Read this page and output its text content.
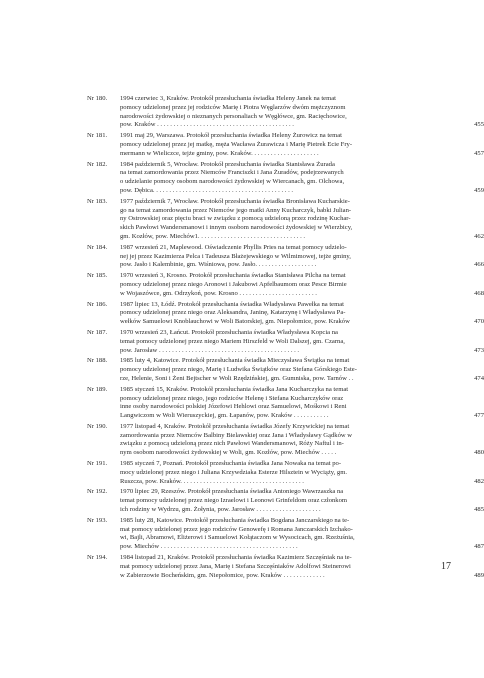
Nr 180.	1994 czerwiec 3, Kraków. Protokół przesłuchania świadka Heleny Janek na temat
pomocy udzielonej przez jej rodziców Marię i Piotra Węglarzów dwóm mężczyznom
narodowości żydowskiej o nieznanych personaliach w Węgłówce, gm. Racięchowice,
pow. Kraków . . . . . . . . . . . . . . . . . . . . . . . . . . . . . . . . . . . . . . . . . .	455
Nr 181.	1991 maj 29, Warszawa. Protokół przesłuchania świadka Heleny Żurowicz na temat
pomocy udzielonej przez jej matkę, męża Wacława Żurawicza i Marię Pietrek Ecie Fry-
mermann w Wieliczce, tejże gminy, pow. Kraków. . . . . . . . . . . . . . . . . . . . .	457
Nr 182.	1984 październik 5, Wrocław. Protokół przesłuchania świadka Stanisława Żurada
na temat zamordowania przez Niemców Franciszki i Jana Żuradów, podejrzewanych
o udzielanie pomocy osobom narodowości żydowskiej w Wiercanach, gm. Olchowa,
pow. Dębica. . . . . . . . . . . . . . . . . . . . . . . . . . . . . . . . . . . . . . . . . . .	459
Nr 183.	1977 październik 7, Wrocław. Protokół przesłuchania świadka Bronisława Kucharskie-
go na temat zamordowania przez Niemców jego matki Anny Kucharczyk, babki Julian-
ny Ostrowskiej oraz pięciu braci w związku z pomocą udzieloną przez rodzinę Kuchar-
skich Pawłowi Wandersmanowi i innym osobom narodowości żydowskiej w Wierzbicy,
gm. Kozłów, pow. Miechów1. . . . . . . . . . . . . . . . . . . . . . . . . . . . . . . . .	462
Nr 184.	1987 wrzesień 21, Maplewood. Oświadczenie Phyllis Pries na temat pomocy udzielo-
nej jej przez Kazimierza Pelca i Tadeusza Błażejewskiego w Wilmimowej, tejże gminy,
pow. Jasło i Kalembinie, gm. Wiśniowa, pow. Jasło. . . . . . . . . . . . . . . . . . .	466
Nr 185.	1970 wrzesień 3, Krosno. Protokół przesłuchania świadka Stanisława Pilcha na temat
pomocy udzielonej przez niego Aronowi i Jakubowi Apfelbaumom oraz Pesce Birmie
w Wojaszówce, gm. Odrzykoń, pow. Krosno . . . . . . . . . . . . . . . . . . . . . . . .	468
Nr 186.	1987 lipiec 13, Łódź. Protokół przesłuchania świadka Władysława Pawełka na temat
pomocy udzielonej przez niego oraz Aleksandra, Janinę, Katarzynę i Władysława Pa-
wełków Samuelowi Knoblauchowi w Woli Batorskiej, gm. Niepołomice, pow. Kraków	470
Nr 187.	1970 wrzesień 23, Łańcut. Protokół przesłuchania świadka Władysława Kopcia na
temat pomocy udzielonej przez niego Mariem Hirszfeld w Woli Dalszej, gm. Czarna,
pow. Jarosław . . . . . . . . . . . . . . . . . . . . . . . . . . . . . . . . . . . . . . . . . . .	473
Nr 188.	1985 luty 4, Katowice. Protokół przesłuchania świadka Mieczysława Świątka na temat
pomocy udzielonej przez niego, Marię i Ludwika Świątków oraz Stefana Górskiego Este-
rze, Helenie, Soni i Żeni Bejtscher w Woli Rzędzińskiej, gm. Gumniska, pow. Tarnów . .	474
Nr 189.	1985 styczeń 15, Kraków. Protokół przesłuchania świadka Jana Kucharczyka na temat
pomocy udzielonej przez niego, jego rodziców Helenę i Stefana Kucharczyków oraz
inne osoby narodowości polskiej Józefowi Hehlowi oraz Samuelowi, Mośkowi i Reni
Langwiczom w Woli Wieruszyckiej, gm. Łapanów, pow. Kraków . . . . . . . . . . .	477
Nr 190.	1977 listopad 4, Kraków. Protokół przesłuchania świadka Józefy Krzywickiej na temat
zamordowania przez Niemców Balbiny Bielawskiej oraz Jana i Władysławy Gądków w
związku z pomocą udzieloną przez nich Pawłowi Wandersmanowi, Róży Naftul i in-
nym osobom narodowości żydowskiej w Woli, gm. Kozłów, pow. Miechów . . . . .	480
Nr 191.	1985 styczeń 7, Poznań. Protokół przesłuchania świadka Jana Nowaka na temat po-
mocy udzielonej przez niego i Juliana Krzywdziaka Esterze Hilsztein w Wyciąży, gm.
Ruszcza, pow. Kraków. . . . . . . . . . . . . . . . . . . . . . . . . . . . . . . . . . . . . .	482
Nr 192.	1970 lipiec 29, Rzeszów. Protokół przesłuchania świadka Antoniego Wawrzaszka na
temat pomocy udzielonej przez niego Izraelowi i Leonowi Grinfeldom oraz członkom
ich rodziny w Wydrzu, gm. Żołynia, pow. Jarosław . . . . . . . . . . . . . . . . . . . .	485
Nr 193.	1985 luty 28, Katowice. Protokół przesłuchania świadka Bogdana Janczarskiego na te-
mat pomocy udzielonej przez jego rodziców Genowefę i Romana Janczarskich Izchako-
wi, Bajli, Abramowi, Eliżerowi i Samuelowi Kołątaczom w Wysocicach, gm. Rzeżuśnia,
pow. Miechów . . . . . . . . . . . . . . . . . . . . . . . . . . . . . . . . . . . . . . . . . .	487
Nr 194.	1984 listopad 21, Kraków. Protokół przesłuchania świadka Kazimierz Szczęśniak na te-
mat pomocy udzielonej przez Jana, Marię i Stefana Szczęśniaków Adolfowi Steinerowi
w Zabierzowie Bocheńskim, gm. Niepołomice, pow. Kraków . . . . . . . . . . . . .	489
17
